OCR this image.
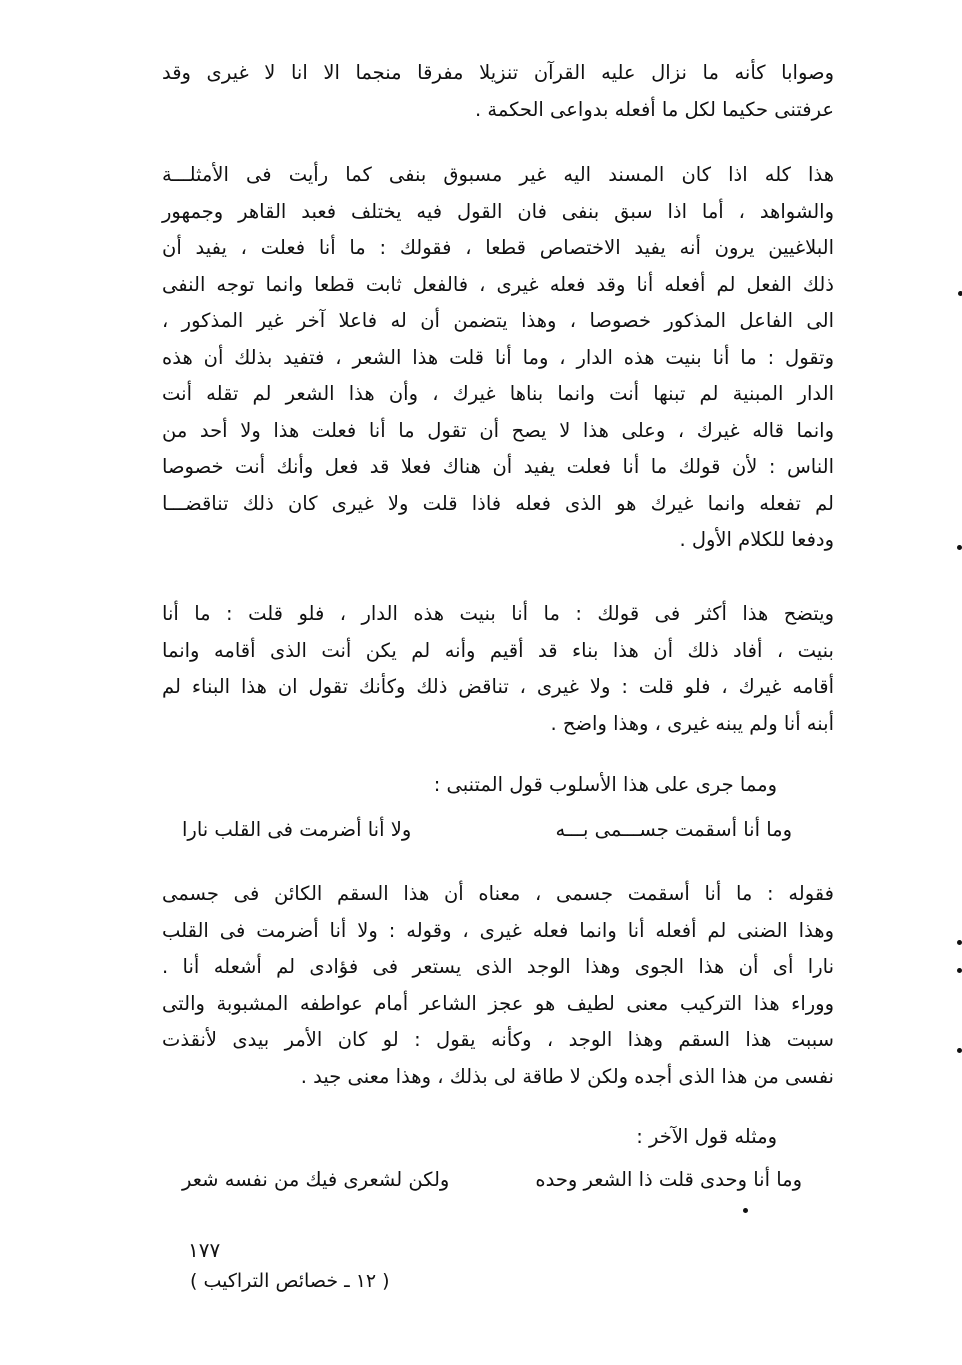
وصوابا كأنه ما نزال عليه القرآن تنزيلا مفرقا منجما الا انا لا غيرى وقد
عرفتنى حكيما لكل ما أفعله بدواعى الحكمة .
هذا كله اذا كان المسند اليه غير مسبوق بنفى كما رأيت فى الأمثلـــة
والشواهد ، أما اذا سبق بنفى فان القول فيه يختلف فعبد القاهر وجمهور
البلاغيين يرون أنه يفيد الاختصاص قطعا ، فقولك : ما أنا فعلت ، يفيد أن
ذلك الفعل لم أفعله أنا وقد فعله غيرى ، فالفعل ثابت قطعا وانما توجه النفى
الى الفاعل المذكور خصوصا ، وهذا يتضمن أن له فاعلا آخر غير المذكور ،
وتقول : ما أنا بنيت هذه الدار ، وما أنا قلت هذا الشعر ، فتفيد بذلك أن هذه
الدار المبنية لم تبنها أنت وانما بناها غيرك ، وأن هذا الشعر لم تقله أنت
وانما قاله غيرك ، وعلى هذا لا يصح أن تقول ما أنا فعلت هذا ولا أحد من
الناس : لأن قولك ما أنا فعلت يفيد أن هناك فعلا قد فعل وأنك أنت خصوصا
لم تفعله وانما غيرك هو الذى فعله فاذا قلت ولا غيرى كان ذلك تناقضـــا
ودفعا للكلام الأول .
ويتضح هذا أكثر فى قولك : ما أنا بنيت هذه الدار ، فلو قلت : ما أنا
بنيت ، أفاد ذلك أن هذا بناء قد أقيم وأنه لم يكن أنت الذى أقامه وانما
أقامه غيرك ، فلو قلت : ولا غيرى ، تناقض ذلك وكأنك تقول ان هذا البناء لم
أبنه أنا ولم يبنه غيرى ، وهذا واضح .
ومما جرى على هذا الأسلوب قول المتنبى :
وما أنا أسقمت جســـمى بـــه
ولا أنا أضرمت فى القلب نارا
فقوله : ما أنا أسقمت جسمى ، معناه أن هذا السقم الكائن فى جسمى
وهذا الضنى لم أفعله أنا وانما فعله غيرى ، وقوله : ولا أنا أضرمت فى القلب
نارا أى أن هذا الجوى وهذا الوجد الذى يستعر فى فؤادى لم أشعله أنا .
ووراء هذا التركيب معنى لطيف هو عجز الشاعر أمام عواطفه المشبوبة والتى
سببت هذا السقم وهذا الوجد ، وكأنه يقول : لو كان الأمر بيدى لأنقذت
نفسى من هذا الذى أجده ولكن لا طاقة لى بذلك ، وهذا معنى جيد .
ومثله قول الآخر :
وما أنا وحدى قلت ذا الشعر وحده
ولكن لشعرى فيك من نفسه شعر
١٧٧
( ١٢ ـ خصائص التراكيب )
